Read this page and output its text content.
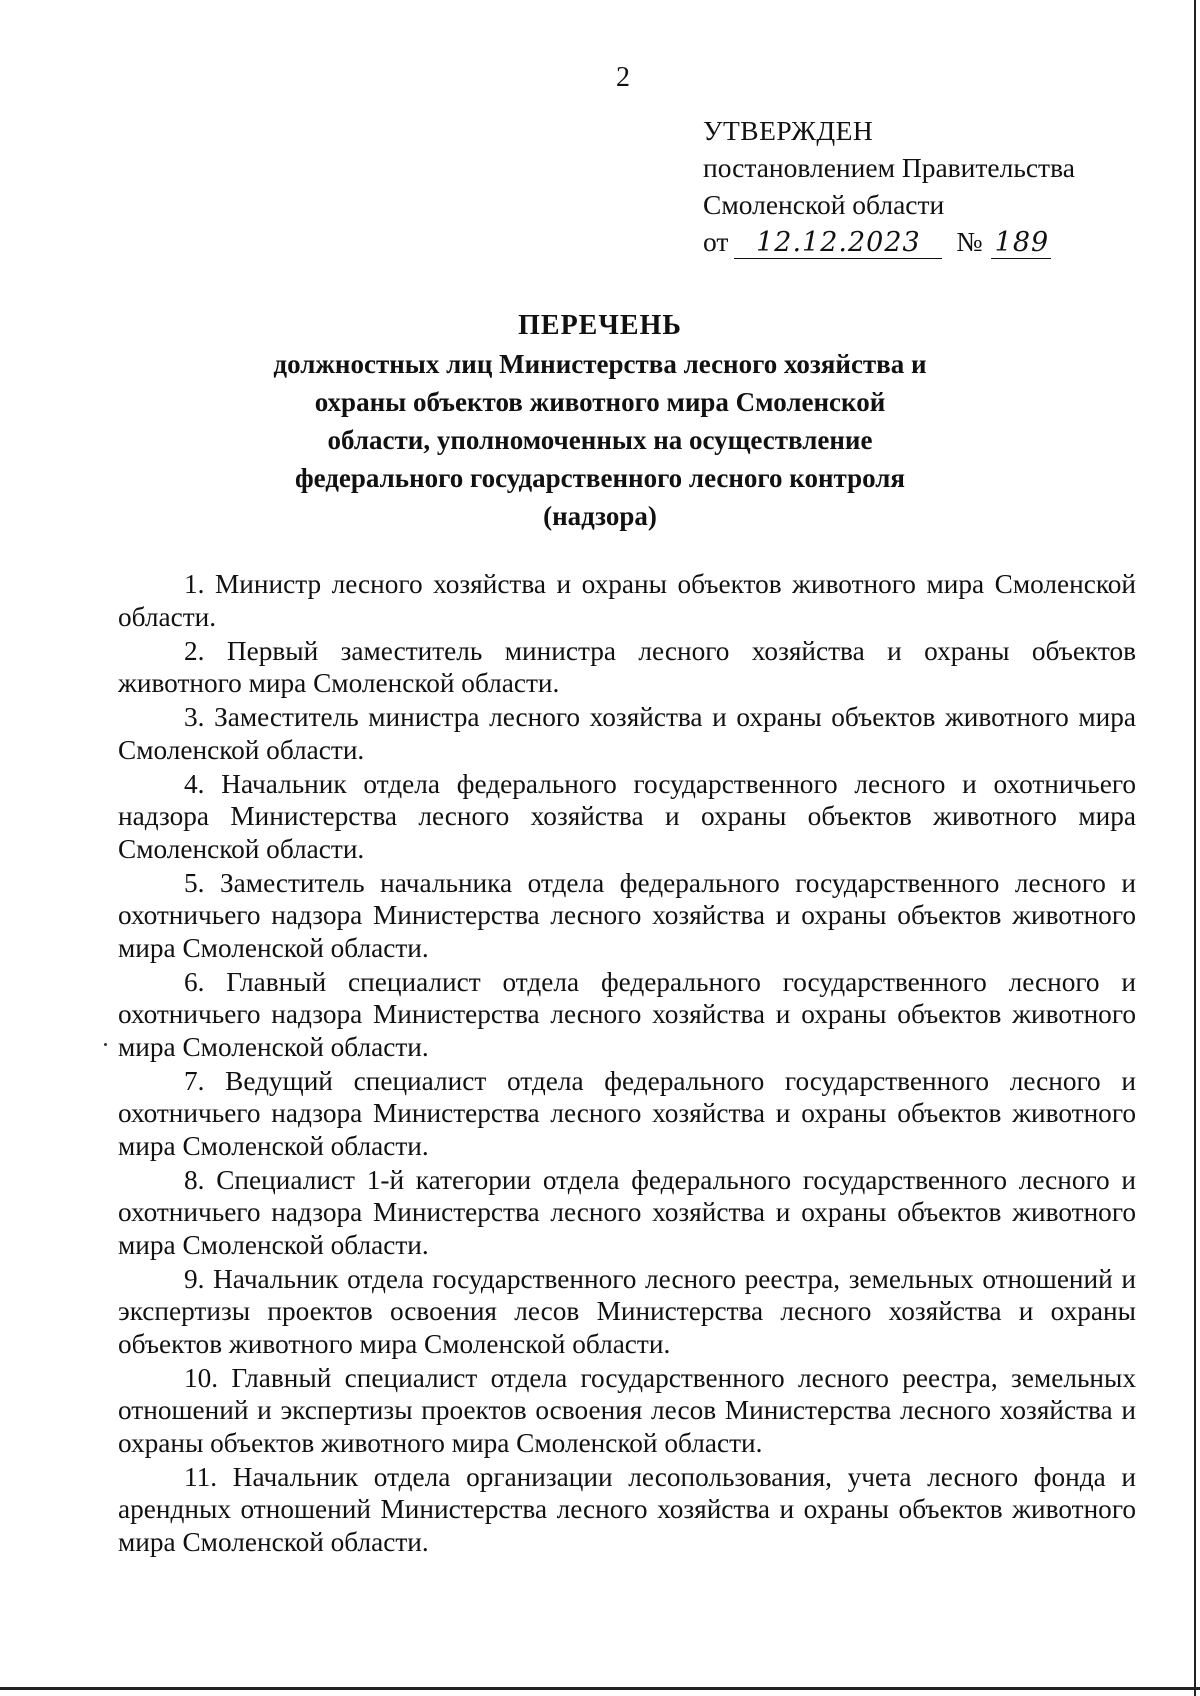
2
УТВЕРЖДЕН
постановлением Правительства
Смоленской области
от	12.12.2023	№ 189
ПЕРЕЧЕНЬ
должностных лиц Министерства лесного хозяйства и
охраны объектов животного мира Смоленской
области, уполномоченных на осуществление
федерального государственного лесного контроля
(надзора)

1. Министр лесного хозяйства и охраны объектов животного мира Смоленской области.

2. Первый заместитель министра лесного хозяйства и охраны объектов животного мира Смоленской области.

3. Заместитель министра лесного хозяйства и охраны объектов животного мира Смоленской области.

4. Начальник отдела федерального государственного лесного и охотничьего надзора Министерства лесного хозяйства и охраны объектов животного мира Смоленской области.

5. Заместитель начальника отдела федерального государственного лесного и охотничьего надзора Министерства лесного хозяйства и охраны объектов животного мира Смоленской области.

6. Главный специалист отдела федерального государственного лесного и охотничьего надзора Министерства лесного хозяйства и охраны объектов животного мира Смоленской области.

7. Ведущий специалист отдела федерального государственного лесного и охотничьего надзора Министерства лесного хозяйства и охраны объектов животного мира Смоленской области.

8. Специалист 1-й категории отдела федерального государственного лесного и охотничьего надзора Министерства лесного хозяйства и охраны объектов животного мира Смоленской области.

9. Начальник отдела государственного лесного реестра, земельных отношений и экспертизы проектов освоения лесов Министерства лесного хозяйства и охраны объектов животного мира Смоленской области.

10. Главный специалист отдела государственного лесного реестра, земельных отношений и экспертизы проектов освоения лесов Министерства лесного хозяйства и охраны объектов животного мира Смоленской области.

11. Начальник отдела организации лесопользования, учета лесного фонда и арендных отношений Министерства лесного хозяйства и охраны объектов животного мира Смоленской области.
